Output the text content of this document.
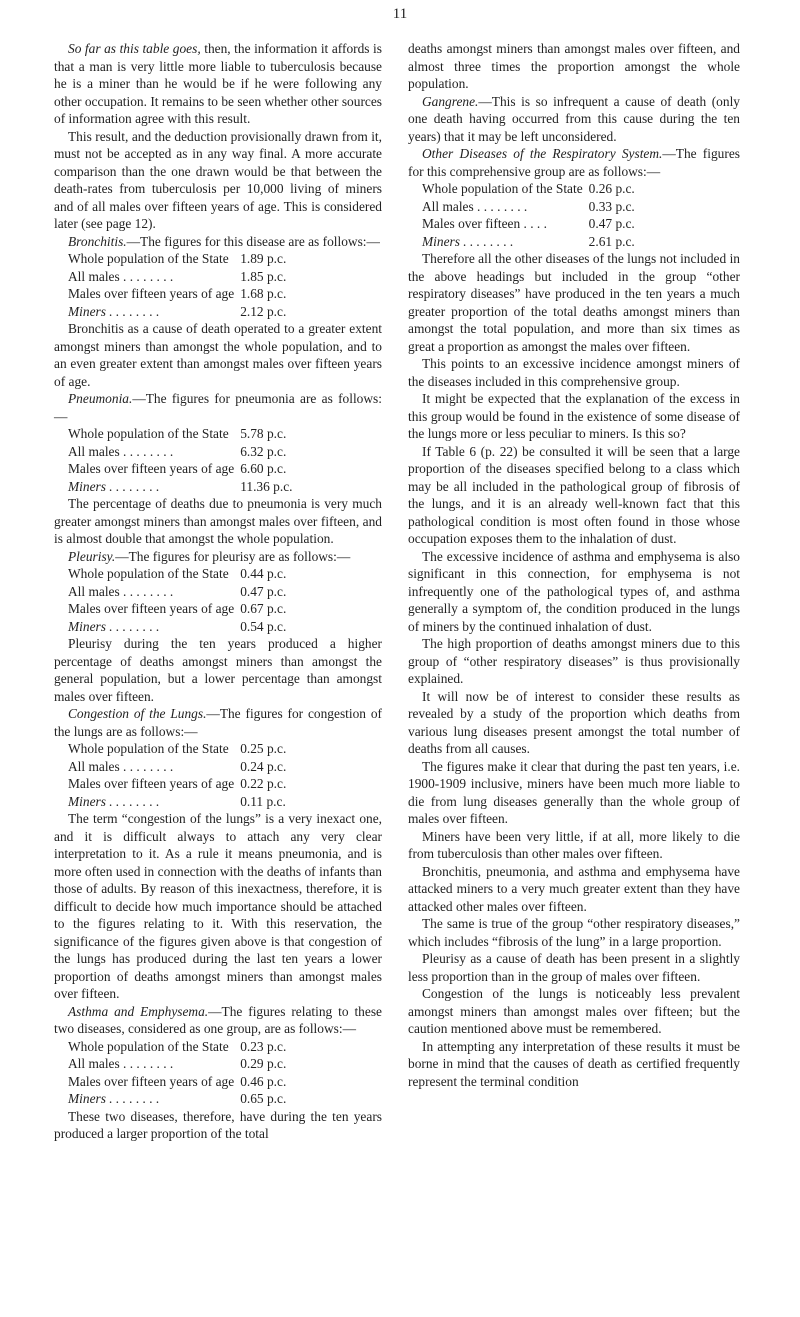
11

So far as this table goes, then, the information it affords is that a man is very little more liable to tuberculosis because he is a miner than he would be if he were following any other occupation. It remains to be seen whether other sources of information agree with this result.

This result, and the deduction provisionally drawn from it, must not be accepted as in any way final. A more accurate comparison than the one drawn would be that between the death-rates from tuberculosis per 10,000 living of miners and of all males over fifteen years of age. This is considered later (see page 12).

Bronchitis.—The figures for this disease are as follows:—

Whole population of the State	1.89 p.c.
All males . . . . . . . .	1.85 p.c.
Males over fifteen years of age	1.68 p.c.
Miners . . . . . . . .	2.12 p.c.

Bronchitis as a cause of death operated to a greater extent amongst miners than amongst the whole population, and to an even greater extent than amongst males over fifteen years of age.

Pneumonia.—The figures for pneumonia are as follows:—

Whole population of the State	5.78 p.c.
All males . . . . . . . .	6.32 p.c.
Males over fifteen years of age	6.60 p.c.
Miners . . . . . . . .	11.36 p.c.

The percentage of deaths due to pneumonia is very much greater amongst miners than amongst males over fifteen, and is almost double that amongst the whole population.

Pleurisy.—The figures for pleurisy are as follows:—

Whole population of the State	0.44 p.c.
All males . . . . . . . .	0.47 p.c.
Males over fifteen years of age	0.67 p.c.
Miners . . . . . . . .	0.54 p.c.

Pleurisy during the ten years produced a higher percentage of deaths amongst miners than amongst the general population, but a lower percentage than amongst males over fifteen.

Congestion of the Lungs.—The figures for congestion of the lungs are as follows:—

Whole population of the State	0.25 p.c.
All males . . . . . . . .	0.24 p.c.
Males over fifteen years of age	0.22 p.c.
Miners . . . . . . . .	0.11 p.c.

The term “congestion of the lungs” is a very inexact one, and it is difficult always to attach any very clear interpretation to it. As a rule it means pneumonia, and is more often used in connection with the deaths of infants than those of adults. By reason of this inexactness, therefore, it is difficult to decide how much importance should be attached to the figures relating to it. With this reservation, the significance of the figures given above is that congestion of the lungs has produced during the last ten years a lower proportion of deaths amongst miners than amongst males over fifteen.

Asthma and Emphysema.—The figures relating to these two diseases, considered as one group, are as follows:—

Whole population of the State	0.23 p.c.
All males . . . . . . . .	0.29 p.c.
Males over fifteen years of age	0.46 p.c.
Miners . . . . . . . .	0.65 p.c.

These two diseases, therefore, have during the ten years produced a larger proportion of the total

deaths amongst miners than amongst males over fifteen, and almost three times the proportion amongst the whole population.

Gangrene.—This is so infrequent a cause of death (only one death having occurred from this cause during the ten years) that it may be left unconsidered.

Other Diseases of the Respiratory System.—The figures for this comprehensive group are as follows:—

Whole population of the State	0.26 p.c.
All males . . . . . . . .	0.33 p.c.
Males over fifteen . . . .	0.47 p.c.
Miners . . . . . . . .	2.61 p.c.

Therefore all the other diseases of the lungs not included in the above headings but included in the group “other respiratory diseases” have produced in the ten years a much greater proportion of the total deaths amongst miners than amongst the total population, and more than six times as great a proportion as amongst the males over fifteen.

This points to an excessive incidence amongst miners of the diseases included in this comprehensive group.

It might be expected that the explanation of the excess in this group would be found in the existence of some disease of the lungs more or less peculiar to miners. Is this so?

If Table 6 (p. 22) be consulted it will be seen that a large proportion of the diseases specified belong to a class which may be all included in the pathological group of fibrosis of the lungs, and it is an already well-known fact that this pathological condition is most often found in those whose occupation exposes them to the inhalation of dust.

The excessive incidence of asthma and emphysema is also significant in this connection, for emphysema is not infrequently one of the pathological types of, and asthma generally a symptom of, the condition produced in the lungs of miners by the continued inhalation of dust.

The high proportion of deaths amongst miners due to this group of “other respiratory diseases” is thus provisionally explained.

It will now be of interest to consider these results as revealed by a study of the proportion which deaths from various lung diseases present amongst the total number of deaths from all causes.

The figures make it clear that during the past ten years, i.e. 1900-1909 inclusive, miners have been much more liable to die from lung diseases generally than the whole group of males over fifteen.

Miners have been very little, if at all, more likely to die from tuberculosis than other males over fifteen.

Bronchitis, pneumonia, and asthma and emphysema have attacked miners to a very much greater extent than they have attacked other males over fifteen.

The same is true of the group “other respiratory diseases,” which includes “fibrosis of the lung” in a large proportion.

Pleurisy as a cause of death has been present in a slightly less proportion than in the group of males over fifteen.

Congestion of the lungs is noticeably less prevalent amongst miners than amongst males over fifteen; but the caution mentioned above must be remembered.

In attempting any interpretation of these results it must be borne in mind that the causes of death as certified frequently represent the terminal condition
